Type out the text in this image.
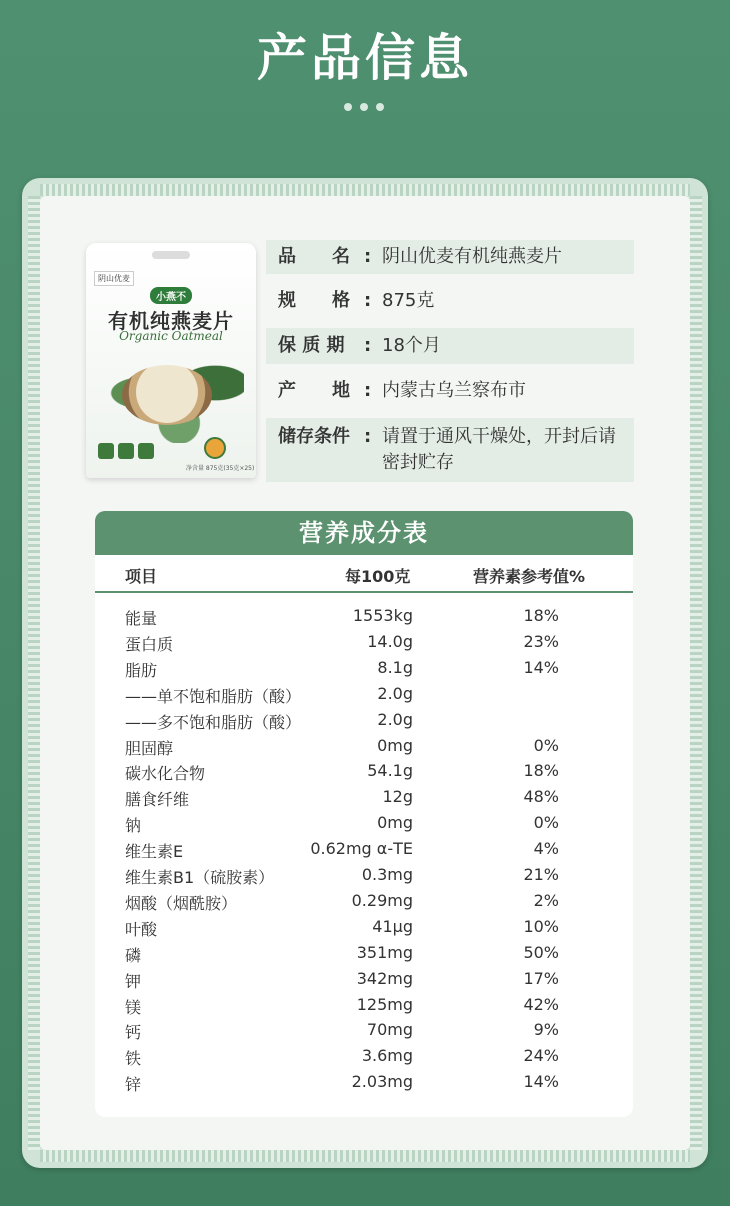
产品信息
阴山优麦
小燕不
有机纯燕麦片
Organic Oatmeal
净含量 875克(35克×25)
品　　名 : 阴山优麦有机纯燕麦片
规　　格 : 875克
保 质 期	: 18个月
产　　地 : 内蒙古乌兰察布市
储存条件 : 请置于通风干燥处，开封后请密封贮存
营养成分表
项目	每100克	营养素参考值%
能量	1553kg	18%
蛋白质	14.0g	23%
脂肪	8.1g	14%
——单不饱和脂肪（酸）	2.0g
——多不饱和脂肪（酸）	2.0g
胆固醇	0mg	0%
碳水化合物	54.1g	18%
膳食纤维	12g	48%
钠	0mg	0%
维生素E	0.62mg α-TE	4%
维生素B1（硫胺素）	0.3mg	21%
烟酸（烟酰胺）	0.29mg	2%
叶酸	41μg	10%
磷	351mg	50%
钾	342mg	17%
镁	125mg	42%
钙	70mg	9%
铁	3.6mg	24%
锌	2.03mg	14%
